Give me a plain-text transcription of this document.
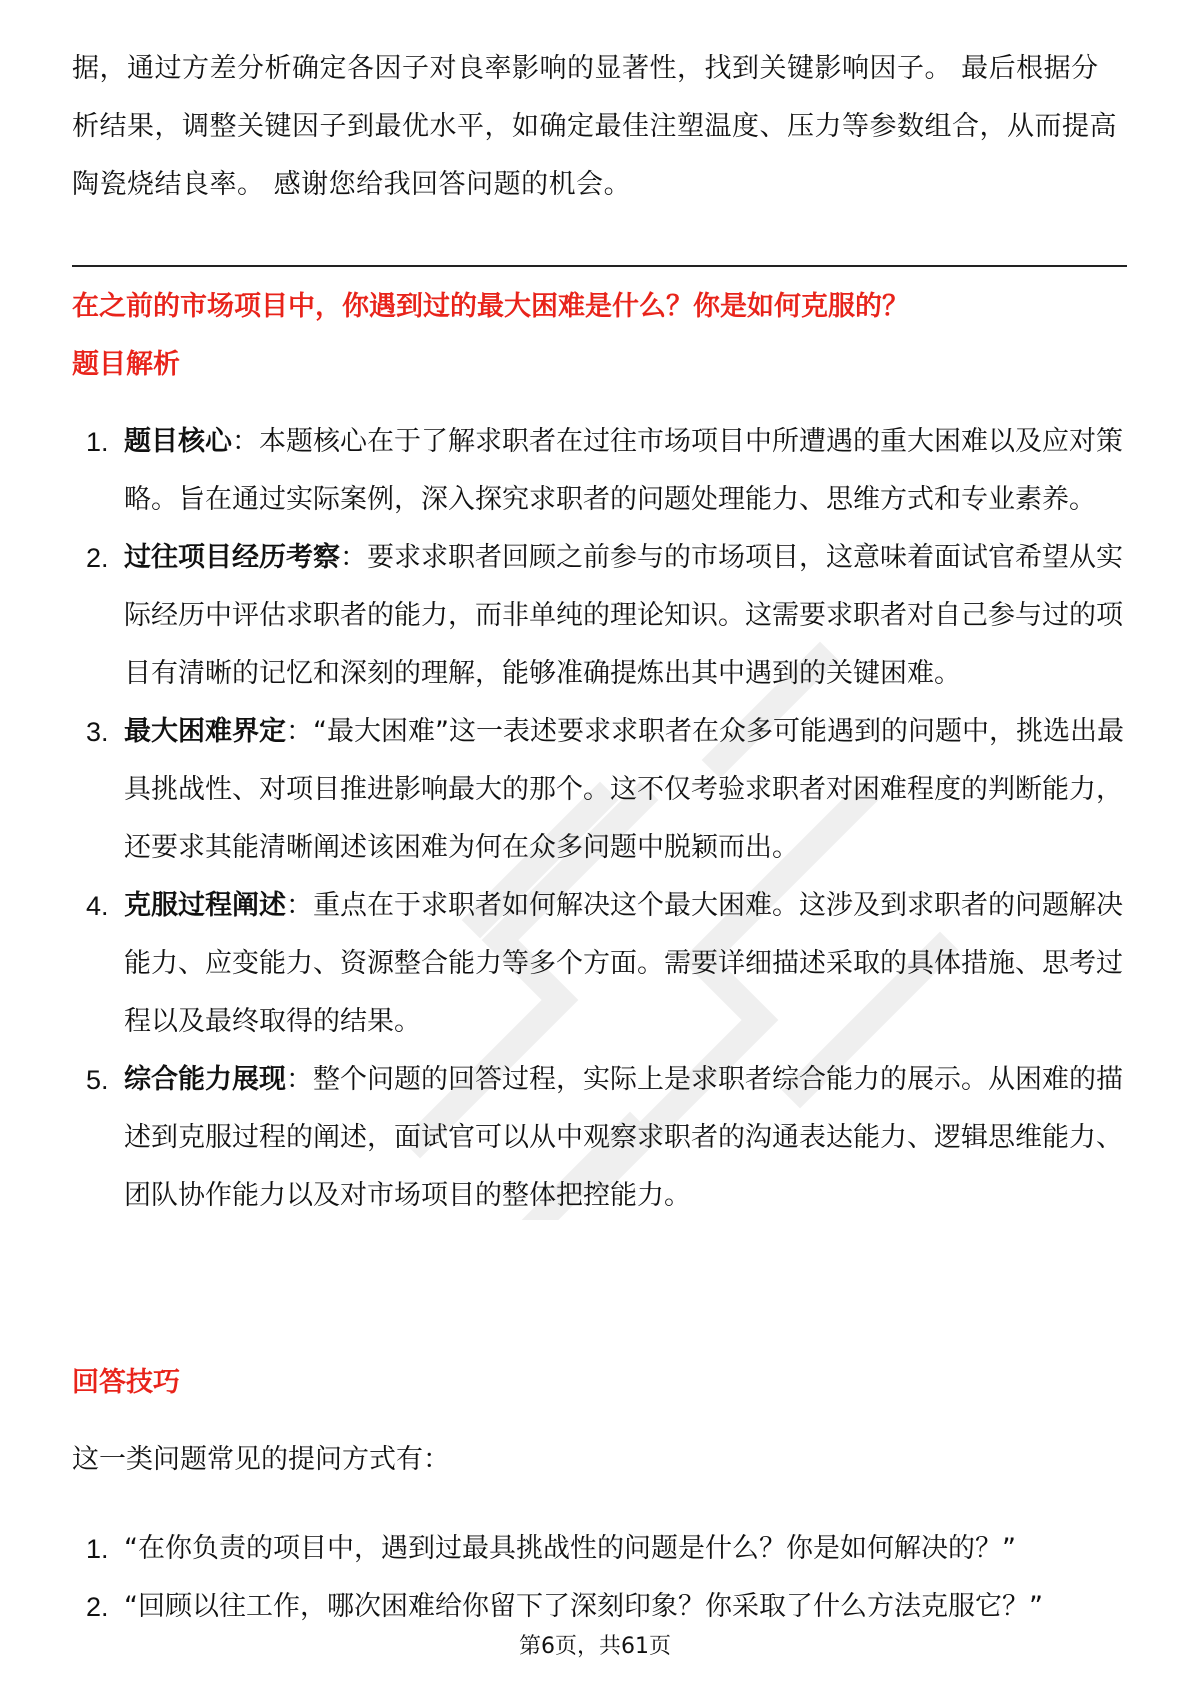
据，通过方差分析确定各因子对良率影响的显著性，找到关键影响因子。 最后根据分析结果，调整关键因子到最优水平，如确定最佳注塑温度、压力等参数组合，从而提高陶瓷烧结良率。 感谢您给我回答问题的机会。
在之前的市场项目中，你遇到过的最大困难是什么？你是如何克服的？
题目解析
1. 题目核心：本题核心在于了解求职者在过往市场项目中所遭遇的重大困难以及应对策略。旨在通过实际案例，深入探究求职者的问题处理能力、思维方式和专业素养。
2. 过往项目经历考察：要求求职者回顾之前参与的市场项目，这意味着面试官希望从实际经历中评估求职者的能力，而非单纯的理论知识。这需要求职者对自己参与过的项目有清晰的记忆和深刻的理解，能够准确提炼出其中遇到的关键困难。
3. 最大困难界定：“最大困难”这一表述要求求职者在众多可能遇到的问题中，挑选出最具挑战性、对项目推进影响最大的那个。这不仅考验求职者对困难程度的判断能力，还要求其能清晰阐述该困难为何在众多问题中脱颖而出。
4. 克服过程阐述：重点在于求职者如何解决这个最大困难。这涉及到求职者的问题解决能力、应变能力、资源整合能力等多个方面。需要详细描述采取的具体措施、思考过程以及最终取得的结果。
5. 综合能力展现：整个问题的回答过程，实际上是求职者综合能力的展示。从困难的描述到克服过程的阐述，面试官可以从中观察求职者的沟通表达能力、逻辑思维能力、团队协作能力以及对市场项目的整体把控能力。
回答技巧
这一类问题常见的提问方式有：
1. “在你负责的项目中，遇到过最具挑战性的问题是什么？你是如何解决的？”
2. “回顾以往工作，哪次困难给你留下了深刻印象？你采取了什么方法克服它？”
第6页，共61页
